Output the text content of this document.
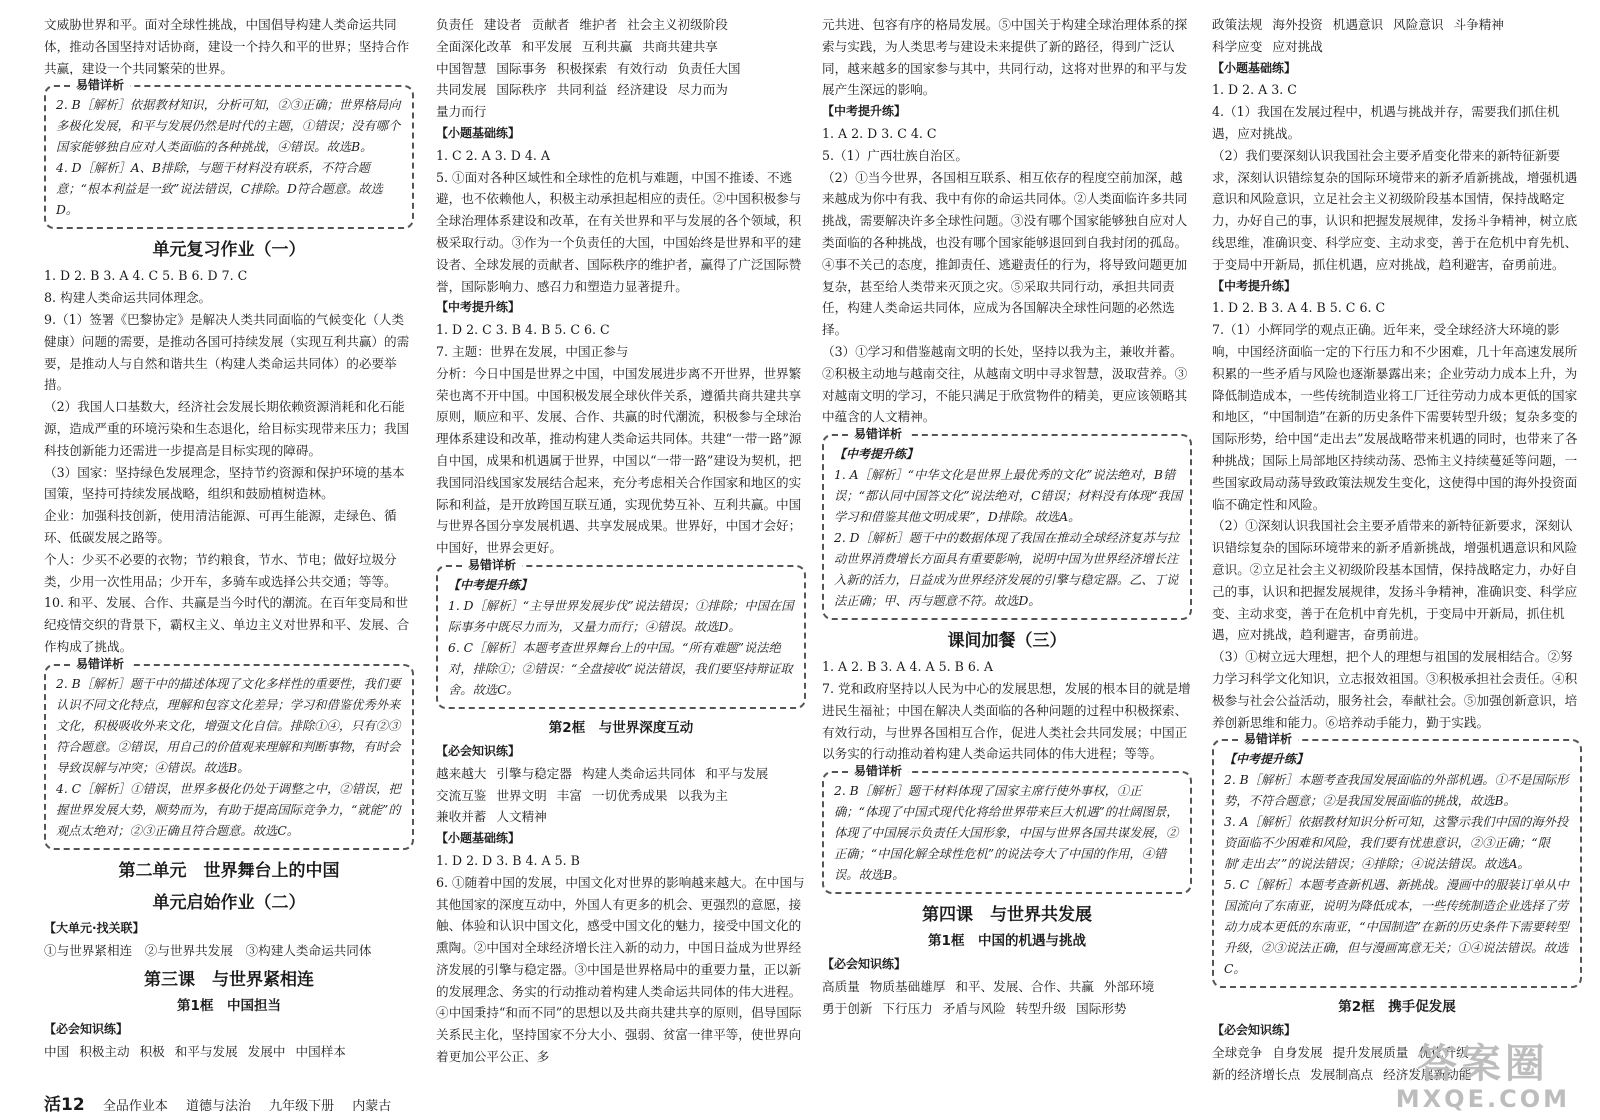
文威胁世界和平。面对全球性挑战，中国倡导构建人类命运共同体，推动各国坚持对话协商，建设一个持久和平的世界；坚持合作共赢，建设一个共同繁荣的世界。

易错详析

2. B［解析］依据教材知识，分析可知，②③正确；世界格局向多极化发展，和平与发展仍然是时代的主题，①错误；没有哪个国家能够独自应对人类面临的各种挑战，④错误。故选B。

4. D［解析］A、B排除，与题干材料没有联系，不符合题意；“根本利益是一致”说法错误，C排除。D符合题意。故选D。

单元复习作业（一）

1. D 2. B 3. A 4. C 5. B 6. D 7. C

8. 构建人类命运共同体理念。

9.（1）签署《巴黎协定》是解决人类共同面临的气候变化（人类健康）问题的需要，是推动各国可持续发展（实现互利共赢）的需要，是推动人与自然和谐共生（构建人类命运共同体）的必要举措。

（2）我国人口基数大，经济社会发展长期依赖资源消耗和化石能源，造成严重的环境污染和生态退化，给目标实现带来压力；我国科技创新能力还需进一步提高是目标实现的障碍。

（3）国家：坚持绿色发展理念，坚持节约资源和保护环境的基本国策，坚持可持续发展战略，组织和鼓励植树造林。

企业：加强科技创新，使用清洁能源、可再生能源，走绿色、循环、低碳发展之路等。

个人：少买不必要的衣物；节约粮食，节水、节电；做好垃圾分类，少用一次性用品；少开车，多骑车或选择公共交通；等等。

10. 和平、发展、合作、共赢是当今时代的潮流。在百年变局和世纪疫情交织的背景下，霸权主义、单边主义对世界和平、发展、合作构成了挑战。

易错详析

2. B［解析］题干中的描述体现了文化多样性的重要性，我们要认识不同文化特点，理解和包容文化差异；学习和借鉴优秀外来文化，积极吸收外来文化，增强文化自信。排除①④，只有②③符合题意。②错误，用自己的价值观来理解和判断事物，有时会导致误解与冲突；④错误。故选B。

4. C［解析］①错误，世界多极化仍处于调整之中，②错误，把握世界发展大势，顺势而为，有助于提高国际竞争力，“就能”的观点太绝对；②③正确且符合题意。故选C。

第二单元　世界舞台上的中国
单元启始作业（二）

【大单元·找关联】

①与世界紧相连　②与世界共发展　③构建人类命运共同体

第三课　与世界紧相连
第1框　中国担当

【必会知识练】

中国 积极主动 积极 和平与发展 发展中 中国样本

负责任 建设者 贡献者 维护者 社会主义初级阶段

全面深化改革 和平发展 互利共赢 共商共建共享

中国智慧 国际事务 积极探索 有效行动 负责任大国

共同发展 国际秩序 共同利益 经济建设 尽力而为

量力而行

【小题基础练】

1. C 2. A 3. D 4. A

5. ①面对各种区域性和全球性的危机与难题，中国不推诿、不逃避，也不依赖他人，积极主动承担起相应的责任。②中国积极参与全球治理体系建设和改革，在有关世界和平与发展的各个领域，积极采取行动。③作为一个负责任的大国，中国始终是世界和平的建设者、全球发展的贡献者、国际秩序的维护者，赢得了广泛国际赞誉，国际影响力、感召力和塑造力显著提升。

【中考提升练】

1. D 2. C 3. B 4. B 5. C 6. C

7. 主题：世界在发展，中国正参与

分析：今日中国是世界之中国，中国发展进步离不开世界，世界繁荣也离不开中国。中国积极发展全球伙伴关系，遵循共商共建共享原则，顺应和平、发展、合作、共赢的时代潮流，积极参与全球治理体系建设和改革，推动构建人类命运共同体。共建“一带一路”源自中国，成果和机遇属于世界，中国以“一带一路”建设为契机，把我国同沿线国家发展结合起来，充分考虑相关合作国家和地区的实际和利益，是开放跨国互联互通，实现优势互补、互利共赢。中国与世界各国分享发展机遇、共享发展成果。世界好，中国才会好；中国好，世界会更好。

易错详析

【中考提升练】

1. D［解析］“主导世界发展步伐”说法错误；①排除；中国在国际事务中既尽力而为，又量力而行；④错误。故选D。

6. C［解析］本题考查世界舞台上的中国。“所有难题”说法绝对，排除①；②错误：“全盘接收”说法错误，我们要坚持辩证取舍。故选C。

第2框　与世界深度互动

【必会知识练】

越来越大 引擎与稳定器 构建人类命运共同体 和平与发展

交流互鉴 世界文明 丰富 一切优秀成果 以我为主

兼收并蓄 人文精神

【小题基础练】

1. D 2. D 3. B 4. A 5. B

6. ①随着中国的发展，中国文化对世界的影响越来越大。在中国与其他国家的深度互动中，外国人有更多的机会、更强烈的意愿，接触、体验和认识中国文化，感受中国文化的魅力，接受中国文化的熏陶。②中国对全球经济增长注入新的动力，中国日益成为世界经济发展的引擎与稳定器。③中国是世界格局中的重要力量，正以新的发展理念、务实的行动推动着构建人类命运共同体的伟大进程。④中国秉持“和而不同”的思想以及共商共建共享的原则，倡导国际关系民主化，坚持国家不分大小、强弱、贫富一律平等，使世界向着更加公平公正、多

元共进、包容有序的格局发展。⑤中国关于构建全球治理体系的探索与实践，为人类思考与建设未来提供了新的路径，得到广泛认同，越来越多的国家参与其中，共同行动，这将对世界的和平与发展产生深远的影响。

【中考提升练】

1. A 2. D 3. C 4. C

5.（1）广西壮族自治区。

（2）①当今世界，各国相互联系、相互依存的程度空前加深，越来越成为你中有我、我中有你的命运共同体。②人类面临许多共同挑战，需要解决许多全球性问题。③没有哪个国家能够独自应对人类面临的各种挑战，也没有哪个国家能够退回到自我封闭的孤岛。④事不关己的态度，推卸责任、逃避责任的行为，将导致问题更加复杂，甚至给人类带来灭顶之灾。⑤采取共同行动，承担共同责任，构建人类命运共同体，应成为各国解决全球性问题的必然选择。

（3）①学习和借鉴越南文明的长处，坚持以我为主，兼收并蓄。②积极主动地与越南交往，从越南文明中寻求智慧，汲取营养。③对越南文明的学习，不能只满足于欣赏物件的精美，更应该领略其中蕴含的人文精神。

易错详析

【中考提升练】

1. A［解析］“中华文化是世界上最优秀的文化”说法绝对，B错误；“都认同中国答文化”说法绝对，C错误；材料没有体现“我国学习和借鉴其他文明成果”，D排除。故选A。

2. D［解析］题干中的数据体现了我国在推动全球经济复苏与拉动世界消费增长方面具有重要影响，说明中国为世界经济增长注入新的活力，日益成为世界经济发展的引擎与稳定器。乙、丁说法正确；甲、丙与题意不符。故选D。

课间加餐（三）

1. A 2. B 3. A 4. A 5. B 6. A

7. 党和政府坚持以人民为中心的发展思想，发展的根本目的就是增进民生福祉；中国在解决人类面临的各种问题的过程中积极探索、有效行动，与世界各国相互合作，促进人类社会共同发展；中国正以务实的行动推动着构建人类命运共同体的伟大进程；等等。

易错详析

2. B［解析］题干材料体现了国家主席行使外事权，①正确；“体现了中国式现代化将给世界带来巨大机遇”的壮阔图景，体现了中国展示负责任大国形象，中国与世界各国共谋发展，②正确；“中国化解全球性危机”的说法夸大了中国的作用，④错误。故选B。

第四课　与世界共发展
第1框　中国的机遇与挑战

【必会知识练】

高质量 物质基础雄厚 和平、发展、合作、共赢 外部环境

勇于创新 下行压力 矛盾与风险 转型升级 国际形势

政策法规 海外投资 机遇意识 风险意识 斗争精神

科学应变 应对挑战

【小题基础练】

1. D 2. A 3. C

4.（1）我国在发展过程中，机遇与挑战并存，需要我们抓住机遇，应对挑战。

（2）我们要深刻认识我国社会主要矛盾变化带来的新特征新要求，深刻认识错综复杂的国际环境带来的新矛盾新挑战，增强机遇意识和风险意识，立足社会主义初级阶段基本国情，保持战略定力，办好自己的事，认识和把握发展规律，发扬斗争精神，树立底线思维，准确识变、科学应变、主动求变，善于在危机中育先机、于变局中开新局，抓住机遇，应对挑战，趋利避害，奋勇前进。

【中考提升练】

1. D 2. B 3. A 4. B 5. C 6. C

7.（1）小辉同学的观点正确。近年来，受全球经济大环境的影响，中国经济面临一定的下行压力和不少困难，几十年高速发展所积累的一些矛盾与风险也逐渐暴露出来；企业劳动力成本上升，为降低制造成本，一些传统制造业将工厂迁往劳动力成本更低的国家和地区，“中国制造”在新的历史条件下需要转型升级；复杂多变的国际形势，给中国“走出去”发展战略带来机遇的同时，也带来了各种挑战；国际上局部地区持续动荡、恐怖主义持续蔓延等问题，一些国家政局动荡导致政策法规发生变化，这使得中国的海外投资面临不确定性和风险。

（2）①深刻认识我国社会主要矛盾带来的新特征新要求，深刻认识错综复杂的国际环境带来的新矛盾新挑战，增强机遇意识和风险意识。②立足社会主义初级阶段基本国情，保持战略定力，办好自己的事，认识和把握发展规律，发扬斗争精神，准确识变、科学应变、主动求变，善于在危机中育先机，于变局中开新局，抓住机遇，应对挑战，趋利避害，奋勇前进。

（3）①树立远大理想，把个人的理想与祖国的发展相结合。②努力学习科学文化知识，立志报效祖国。③积极承担社会责任。④积极参与社会公益活动，服务社会，奉献社会。⑤加强创新意识，培养创新思维和能力。⑥培养动手能力，勤于实践。

易错详析

【中考提升练】

2. B［解析］本题考查我国发展面临的外部机遇。①不是国际形势，不符合题意；②是我国发展面临的挑战，故选B。

3. A［解析］依据教材知识分析可知，这警示我们中国的海外投资面临不少困难和风险，我们要有忧患意识，②③正确；“限制‘走出去’”的说法错误；④排除；④说法错误。故选A。

5. C［解析］本题考查新机遇、新挑战。漫画中的服装订单从中国流向了东南亚，说明为降低成本，一些传统制造企业选择了劳动力成本更低的东南亚，“中国制造”在新的历史条件下需要转型升级，②③说法正确，但与漫画寓意无关；①④说法错误。故选C。

第2框　携手促发展

【必会知识练】

全球竞争 自身发展 提升发展质量 优化升级

新的经济增长点 发展制高点 经济发展新动能

活12 全品作业本 道德与法治 九年级下册 内蒙古
答案圈
MXQE.COM
